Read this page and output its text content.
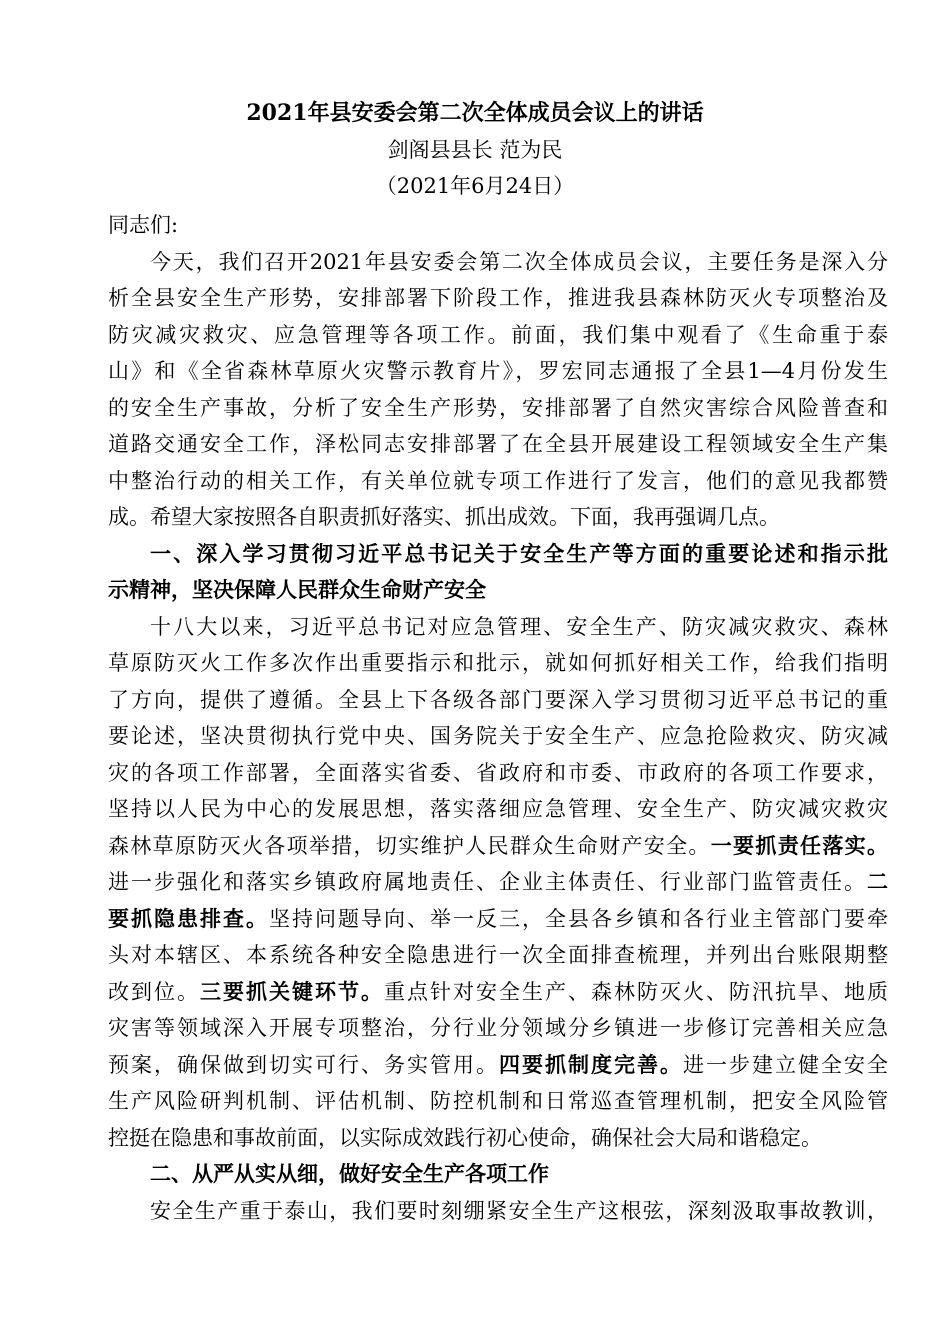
2021年县安委会第二次全体成员会议上的讲话
剑阁县县长 范为民
（2021年6月24日）
同志们:
今天，我们召开2021年县安委会第二次全体成员会议，主要任务是深入分
析全县安全生产形势，安排部署下阶段工作，推进我县森林防灭火专项整治及
防灾减灾救灾、应急管理等各项工作。前面，我们集中观看了《生命重于泰
山》和《全省森林草原火灾警示教育片》，罗宏同志通报了全县1—4月份发生
的安全生产事故，分析了安全生产形势，安排部署了自然灾害综合风险普查和
道路交通安全工作，泽松同志安排部署了在全县开展建设工程领域安全生产集
中整治行动的相关工作，有关单位就专项工作进行了发言，他们的意见我都赞
成。希望大家按照各自职责抓好落实、抓出成效。下面，我再强调几点。
一、深入学习贯彻习近平总书记关于安全生产等方面的重要论述和指示批
示精神，坚决保障人民群众生命财产安全
十八大以来，习近平总书记对应急管理、安全生产、防灾减灾救灾、森林
草原防灭火工作多次作出重要指示和批示，就如何抓好相关工作，给我们指明
了方向，提供了遵循。全县上下各级各部门要深入学习贯彻习近平总书记的重
要论述，坚决贯彻执行党中央、国务院关于安全生产、应急抢险救灾、防灾减
灾的各项工作部署，全面落实省委、省政府和市委、市政府的各项工作要求，
坚持以人民为中心的发展思想，落实落细应急管理、安全生产、防灾减灾救灾
森林草原防灭火各项举措，切实维护人民群众生命财产安全。一要抓责任落实。
进一步强化和落实乡镇政府属地责任、企业主体责任、行业部门监管责任。二
要抓隐患排查。坚持问题导向、举一反三，全县各乡镇和各行业主管部门要牵
头对本辖区、本系统各种安全隐患进行一次全面排查梳理，并列出台账限期整
改到位。三要抓关键环节。重点针对安全生产、森林防灭火、防汛抗旱、地质
灾害等领域深入开展专项整治，分行业分领域分乡镇进一步修订完善相关应急
预案，确保做到切实可行、务实管用。四要抓制度完善。进一步建立健全安全
生产风险研判机制、评估机制、防控机制和日常巡查管理机制，把安全风险管
控挺在隐患和事故前面，以实际成效践行初心使命，确保社会大局和谐稳定。
二、从严从实从细，做好安全生产各项工作
安全生产重于泰山，我们要时刻绷紧安全生产这根弦，深刻汲取事故教训，
